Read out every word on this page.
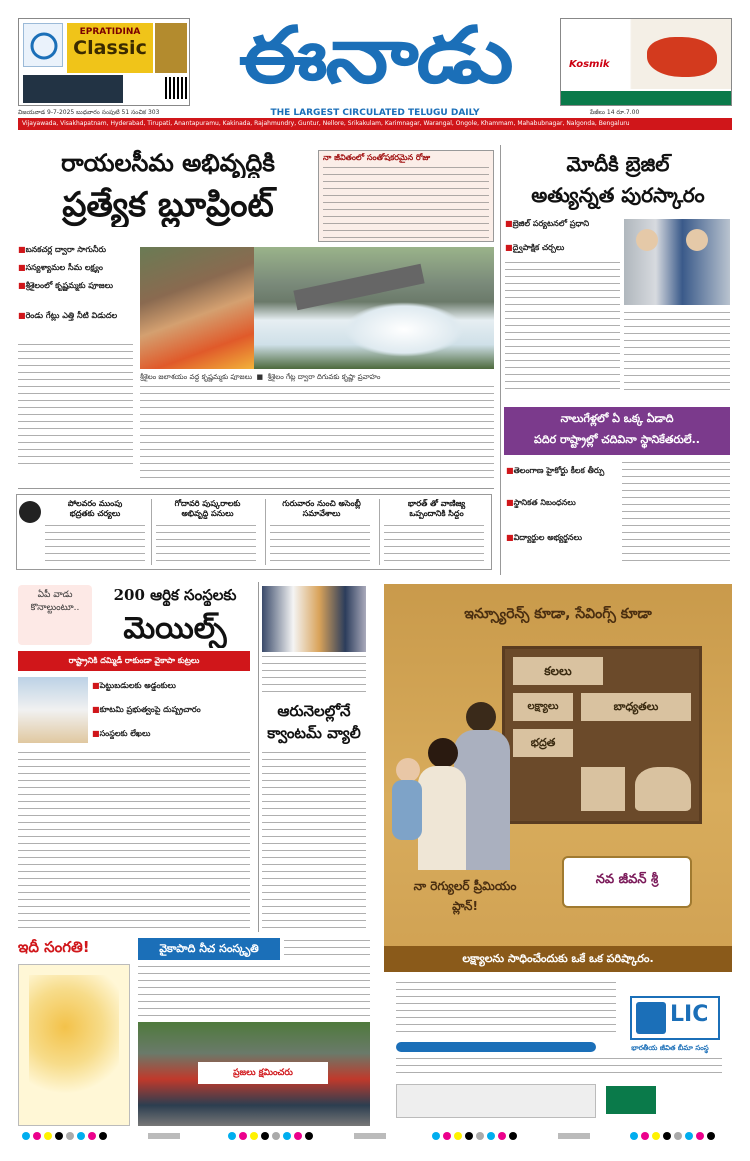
EPRATIDINA
Classic	ఈనాడు
THE LARGEST CIRCULATED TELUGU DAILY
Kosmik
విజయవాడ 9-7-2025 బుధవారం సంపుటి 51 సంచిక 303	పేజీలు 14 రూ.7.00
Vijayawada, Visakhapatnam, Hyderabad, Tirupati, Anantapuramu, Kakinada, Rajahmundry, Guntur, Nellore, Srikakulam, Karimnagar, Warangal, Ongole, Khammam, Mahabubnagar, Nalgonda, Bengaluru
రాయలసీమ అభివృద్ధికి
ప్రత్యేక బ్లూప్రింట్
నా జీవితంలో సంతోషకరమైన రోజు
■ బనకచర్ల ద్వారా సాగునీరు
■ సస్యశ్యామల సీమ లక్ష్యం
■ శ్రీశైలంలో కృష్ణమ్మకు పూజలు
■ రెండు గేట్లు ఎత్తి నీటి విడుదల
శ్రీశైలం జలాశయం వద్ద కృష్ణమ్మకు పూజలు  ■  శ్రీశైలం గేట్ల ద్వారా దిగువకు కృష్ణా ప్రవాహం
మోదీకి బ్రెజిల్
అత్యున్నత పురస్కారం
■ బ్రెజిల్ పర్యటనలో ప్రధాని
■ ద్వైపాక్షిక చర్చలు
నాలుగేళ్లలో ఏ ఒక్క ఏడాది
పదిర రాష్ట్రాల్లో చదివినా స్థానికేతరులే..
■ తెలంగాణ హైకోర్టు కీలక తీర్పు
■ స్థానికత నిబంధనలు
■ విద్యార్థుల అభ్యర్థనలు
పోలవరం ముంపు
భద్రతకు చర్యలు
గోదావరి పుష్కరాలకు
అభివృద్ధి పనులు
గురువారం నుంచి అసెంబ్లీ
సమావేశాలు
భారత్ తో వాణిజ్య
ఒప్పందానికి సిద్ధం
ఏపీ వాడు కొనాల్టుంటూ..
200 ఆర్థిక సంస్థలకు
మెయిల్స్
రాష్ట్రానికి దమ్మిడీ రాకుండా వైకాపా కుట్రలు
■ పెట్టుబడులకు అడ్డంకులు
■ కూటమి ప్రభుత్వంపై దుష్ప్రచారం
■ సంస్థలకు లేఖలు
ఆరునెలల్లోనే
క్వాంటమ్ వ్యాలీ
ఇదీ సంగతి!	వైకాపాది నీచ సంస్కృతి
ప్రజలు క్షమించరు
ఇన్స్యూరెన్స్ కూడా, సేవింగ్స్ కూడా
కలలు
లక్ష్యాలు	బాధ్యతలు
భద్రత
నా రెగ్యులర్ ప్రీమియం ప్లాన్!
నవ జీవన్ శ్రీ
లక్ష్యాలను సాధించేందుకు ఒకే ఒక పరిష్కారం.
LIC
భారతీయ జీవిత బీమా సంస్థ
